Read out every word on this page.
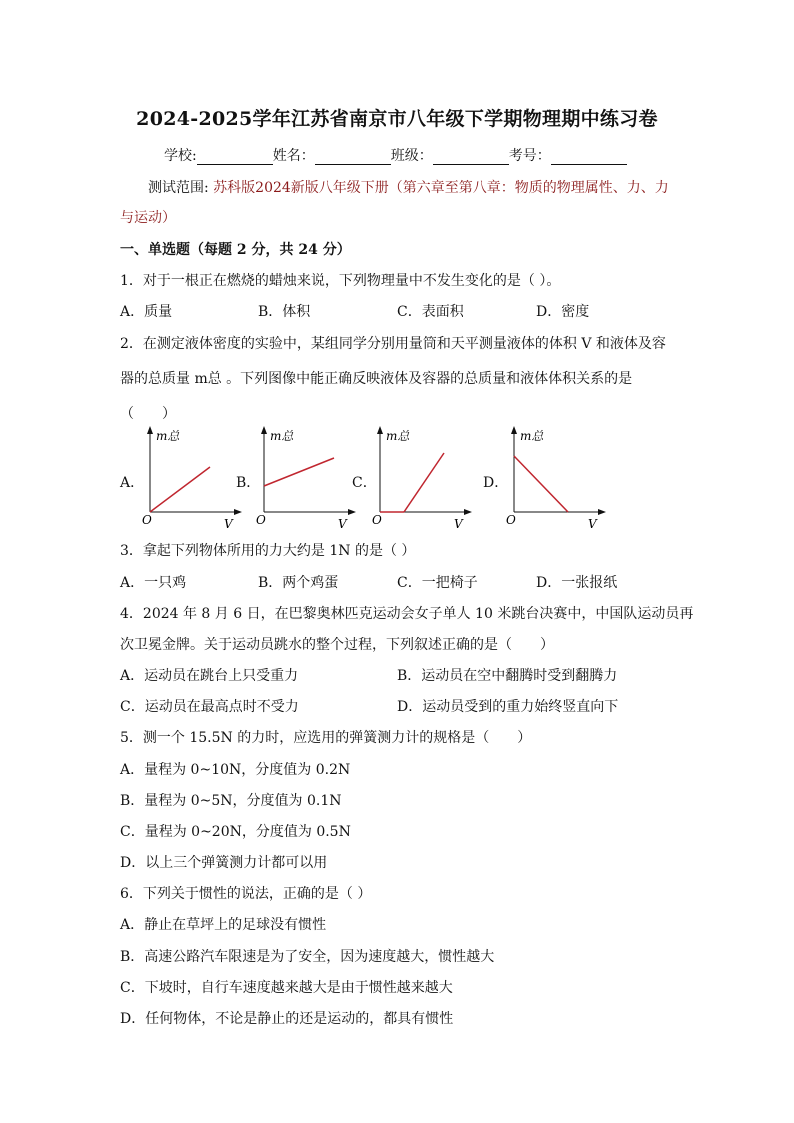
2024-2025学年江苏省南京市八年级下学期物理期中练习卷
学校:	姓名：	班级：	考号：
测试范围: 苏科版2024新版八年级下册（第六章至第八章：物质的物理属性、力、力
与运动）
一、单选题（每题 2 分，共 24 分）
1．对于一根正在燃烧的蜡烛来说，下列物理量中不发生变化的是（ ）。
A．质量	B．体积	C．表面积	D．密度
2．在测定液体密度的实验中，某组同学分别用量筒和天平测量液体的体积 V 和液体及容
器的总质量 m总 。下列图像中能正确反映液体及容器的总质量和液体体积关系的是
（　　）
A．
m总
O	V
B．
m总
O	V
C．
m总
O	V
D．
m总
O	V
3．拿起下列物体所用的力大约是 1N 的是（ ）
A．一只鸡	B．两个鸡蛋	C．一把椅子	D．一张报纸
4．2024 年 8 月 6 日，在巴黎奥林匹克运动会女子单人 10 米跳台决赛中，中国队运动员再
次卫冕金牌。关于运动员跳水的整个过程，下列叙述正确的是（　　）
A．运动员在跳台上只受重力	B．运动员在空中翻腾时受到翻腾力
C．运动员在最高点时不受力	D．运动员受到的重力始终竖直向下
5．测一个 15.5N 的力时，应选用的弹簧测力计的规格是（　　）
A．量程为 0~10N，分度值为 0.2N
B．量程为 0~5N，分度值为 0.1N
C．量程为 0~20N，分度值为 0.5N
D．以上三个弹簧测力计都可以用
6．下列关于惯性的说法，正确的是（ ）
A．静止在草坪上的足球没有惯性
B．高速公路汽车限速是为了安全，因为速度越大，惯性越大
C．下坡时，自行车速度越来越大是由于惯性越来越大
D．任何物体，不论是静止的还是运动的，都具有惯性
